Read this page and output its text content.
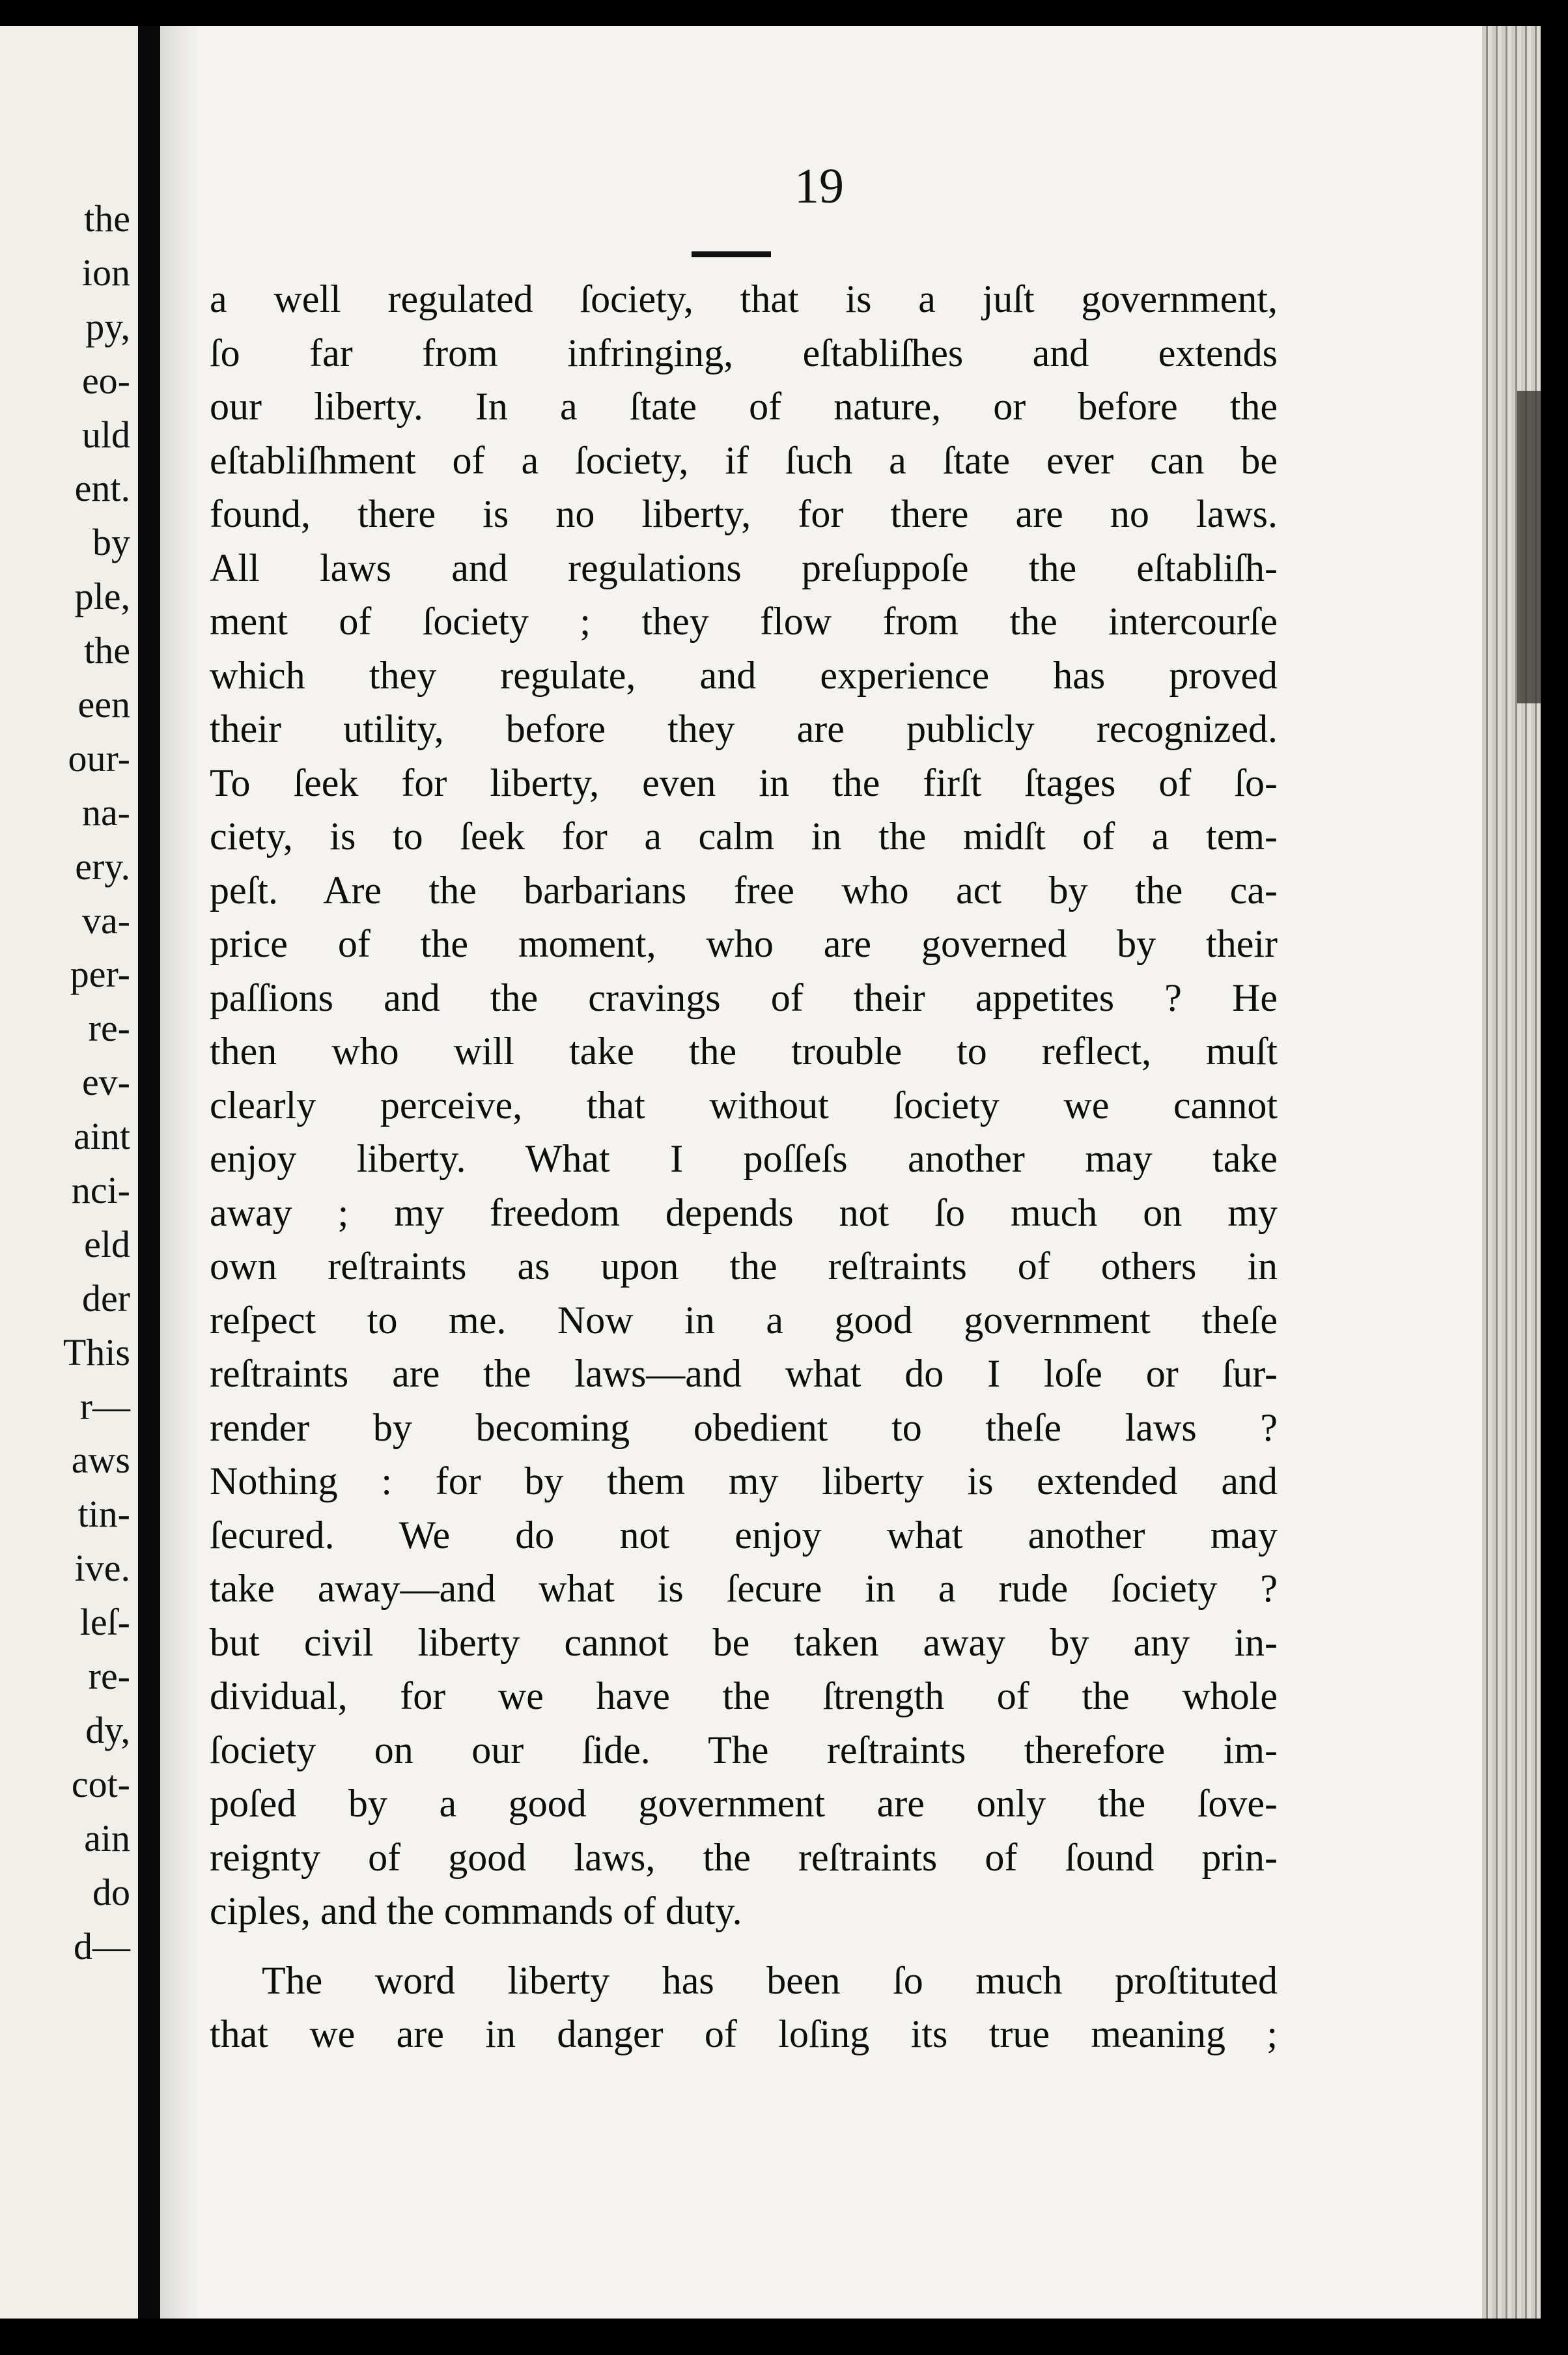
the
ion
py,
eo-
uld
ent.
by
ple,
the
een
our-
na-
ery.
va-
per-
re-
ev-
aint
nci-
eld
der
This
r—
aws
tin-
ive.
leſ-
re-
dy,
cot-
ain
do
d—
19
a well regulated ſociety, that is a juſt government,
ſo far from infringing, eſtabliſhes and extends
our liberty. In a ſtate of nature, or before the
eſtabliſhment of a ſociety, if ſuch a ſtate ever can be
found, there is no liberty, for there are no laws.
All laws and regulations preſuppoſe the eſtabliſh-
ment of ſociety ; they flow from the intercourſe
which they regulate, and experience has proved
their utility, before they are publicly recognized.
To ſeek for liberty, even in the firſt ſtages of ſo-
ciety, is to ſeek for a calm in the midſt of a tem-
peſt. Are the barbarians free who act by the ca-
price of the moment, who are governed by their
paſſions and the cravings of their appetites ? He
then who will take the trouble to reflect, muſt
clearly perceive, that without ſociety we cannot
enjoy liberty. What I poſſeſs another may take
away ; my freedom depends not ſo much on my
own reſtraints as upon the reſtraints of others in
reſpect to me. Now in a good government theſe
reſtraints are the laws—and what do I loſe or ſur-
render by becoming obedient to theſe laws ?
Nothing : for by them my liberty is extended and
ſecured. We do not enjoy what another may
take away—and what is ſecure in a rude ſociety ?
but civil liberty cannot be taken away by any in-
dividual, for we have the ſtrength of the whole
ſociety on our ſide. The reſtraints therefore im-
poſed by a good government are only the ſove-
reignty of good laws, the reſtraints of ſound prin-
ciples, and the commands of duty.
The word liberty has been ſo much proſtituted
that we are in danger of loſing its true meaning ;
